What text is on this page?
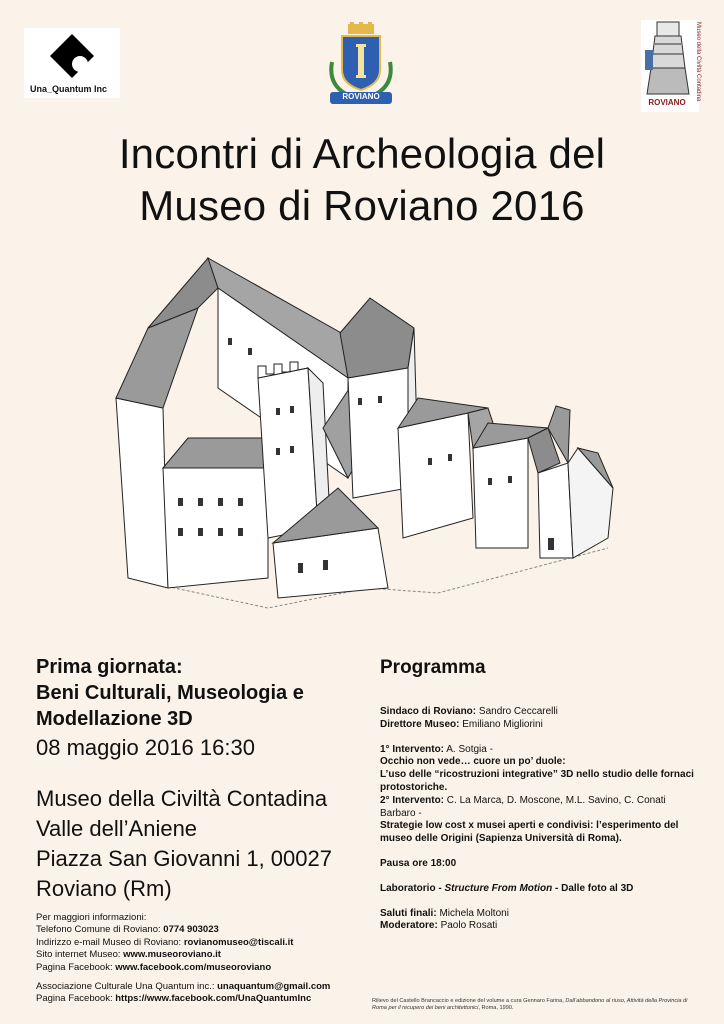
Una_Quantum Inc
ROVIANO	Museo della Civiltà Contadina
ROVIANO
Incontri di Archeologia del
Museo di Roviano 2016
Prima giornata:
Beni Culturali, Museologia e
Modellazione 3D
08 maggio 2016 16:30
Museo della Civiltà Contadina
Valle dell’Aniene
Piazza San Giovanni 1, 00027
Roviano (Rm)
Per maggiori informazioni:
Telefono Comune di Roviano: 0774 903023
Indirizzo e-mail Museo di Roviano: rovianomuseo@tiscali.it
Sito internet Museo: www.museoroviano.it
Pagina Facebook: www.facebook.com/museoroviano
Associazione Culturale Una Quantum inc.: unaquantum@gmail.com
Pagina Facebook: https://www.facebook.com/UnaQuantumInc
Programma
Sindaco di Roviano: Sandro Ceccarelli
Direttore Museo: Emiliano Migliorini
1° Intervento: A. Sotgia -
Occhio non vede… cuore un po’ duole:
L’uso delle “ricostruzioni integrative” 3D nello studio delle fornaci protostoriche.
2° Intervento: C. La Marca, D. Moscone, M.L. Savino, C. Conati Barbaro -
Strategie low cost x musei aperti e condivisi: l’esperimento del museo delle Origini (Sapienza Università di Roma).
Pausa ore 18:00
Laboratorio - Structure From Motion - Dalle foto al 3D
Saluti finali: Michela Moltoni
Moderatore: Paolo Rosati
Rilievo del Castello Brancaccio e edizione del volume a cura Gennaro Farina, Dall’abbandono al riuso, Attività della Provincia di Roma per il recupero dei beni architettonici, Roma, 1990.
